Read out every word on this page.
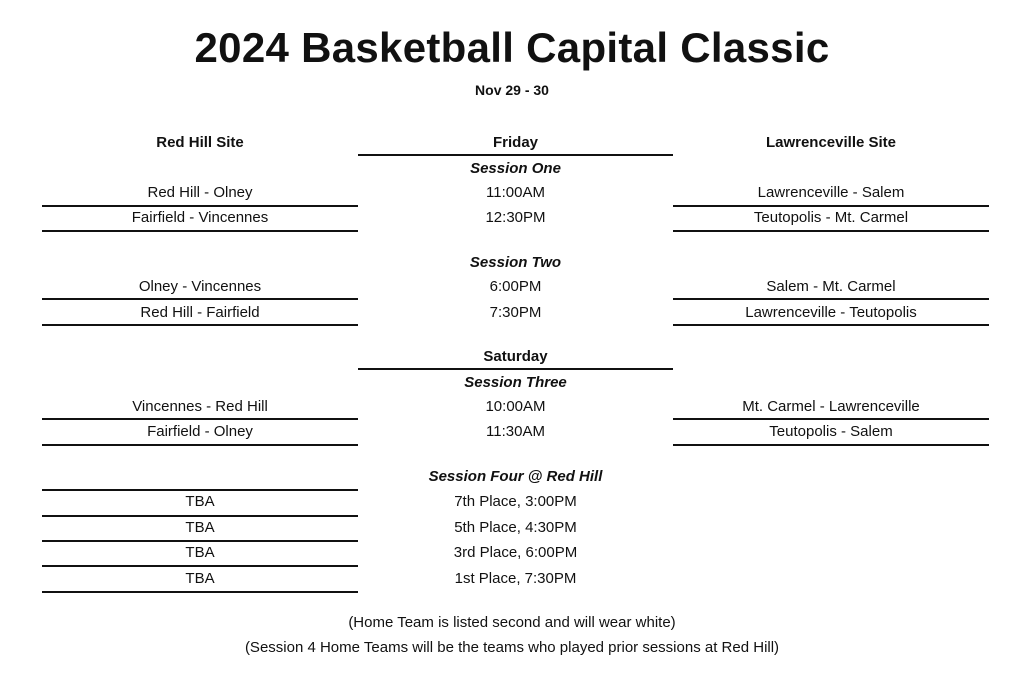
2024 Basketball Capital Classic
Nov 29 - 30
Red Hill Site	Friday	Lawrenceville Site
Session One
Red Hill - Olney	11:00AM	Lawrenceville - Salem
Fairfield - Vincennes	12:30PM	Teutopolis - Mt. Carmel
Session Two
Olney - Vincennes	6:00PM	Salem - Mt. Carmel
Red Hill - Fairfield	7:30PM	Lawrenceville - Teutopolis
Saturday
Session Three
Vincennes - Red Hill	10:00AM	Mt. Carmel - Lawrenceville
Fairfield - Olney	11:30AM	Teutopolis - Salem
Session Four @ Red Hill
TBA	7th Place, 3:00PM
TBA	5th Place, 4:30PM
TBA	3rd Place, 6:00PM
TBA	1st Place, 7:30PM
(Home Team is listed second and will wear white)
(Session 4 Home Teams will be the teams who played prior sessions at Red Hill)
